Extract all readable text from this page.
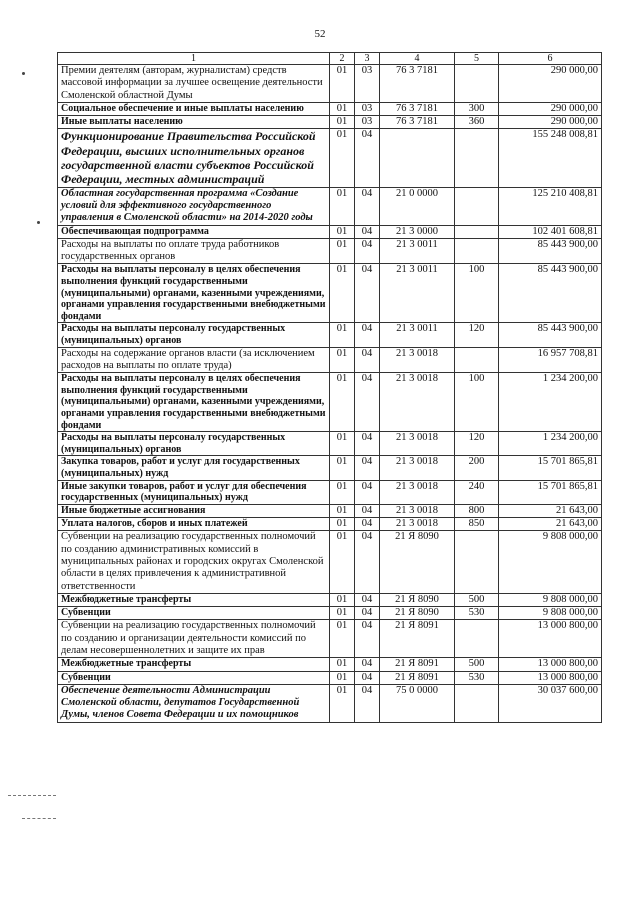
52
1	2	3	4	5	6
Премии деятелям (авторам, журналистам) средств массовой информации за лучшее освещение деятельности Смоленской областной Думы	01	03	76 3 7181		290 000,00
Социальное обеспечение и иные выплаты населению	01	03	76 3 7181	300	290 000,00
Иные выплаты населению	01	03	76 3 7181	360	290 000,00
Функционирование Правительства Российской Федерации, высших исполнительных органов государственной власти субъектов Российской Федерации, местных администраций	01	04			155 248 008,81
Областная государственная программа «Создание условий для эффективного государственного управления в Смоленской области» на 2014-2020 годы	01	04	21 0 0000		125 210 408,81
Обеспечивающая подпрограмма	01	04	21 3 0000		102 401 608,81
Расходы на выплаты по оплате труда работников государственных органов	01	04	21 3 0011		85 443 900,00
Расходы на выплаты персоналу в целях обеспечения выполнения функций государственными (муниципальными) органами, казенными учреждениями, органами управления государственными внебюджетными фондами	01	04	21 3 0011	100	85 443 900,00
Расходы на выплаты персоналу государственных (муниципальных) органов	01	04	21 3 0011	120	85 443 900,00
Расходы на содержание органов власти (за исключением расходов на выплаты по оплате труда)	01	04	21 3 0018		16 957 708,81
Расходы на выплаты персоналу в целях обеспечения выполнения функций государственными (муниципальными) органами, казенными учреждениями, органами управления государственными внебюджетными фондами	01	04	21 3 0018	100	1 234 200,00
Расходы на выплаты персоналу государственных (муниципальных) органов	01	04	21 3 0018	120	1 234 200,00
Закупка товаров, работ и услуг для государственных (муниципальных) нужд	01	04	21 3 0018	200	15 701 865,81
Иные закупки товаров, работ и услуг для обеспечения государственных (муниципальных) нужд	01	04	21 3 0018	240	15 701 865,81
Иные бюджетные ассигнования	01	04	21 3 0018	800	21 643,00
Уплата налогов, сборов и иных платежей	01	04	21 3 0018	850	21 643,00
Субвенции на реализацию государственных полномочий по созданию административных комиссий в муниципальных районах и городских округах Смоленской области в целях привлечения к административной ответственности	01	04	21 Я 8090		9 808 000,00
Межбюджетные трансферты	01	04	21 Я 8090	500	9 808 000,00
Субвенции	01	04	21 Я 8090	530	9 808 000,00
Субвенции на реализацию государственных полномочий по созданию и организации деятельности комиссий по делам несовершеннолетних и защите их прав	01	04	21 Я 8091		13 000 800,00
Межбюджетные трансферты	01	04	21 Я 8091	500	13 000 800,00
Субвенции	01	04	21 Я 8091	530	13 000 800,00
Обеспечение деятельности Администрации Смоленской области, депутатов Государственной Думы, членов Совета Федерации и их помощников	01	04	75 0 0000		30 037 600,00
